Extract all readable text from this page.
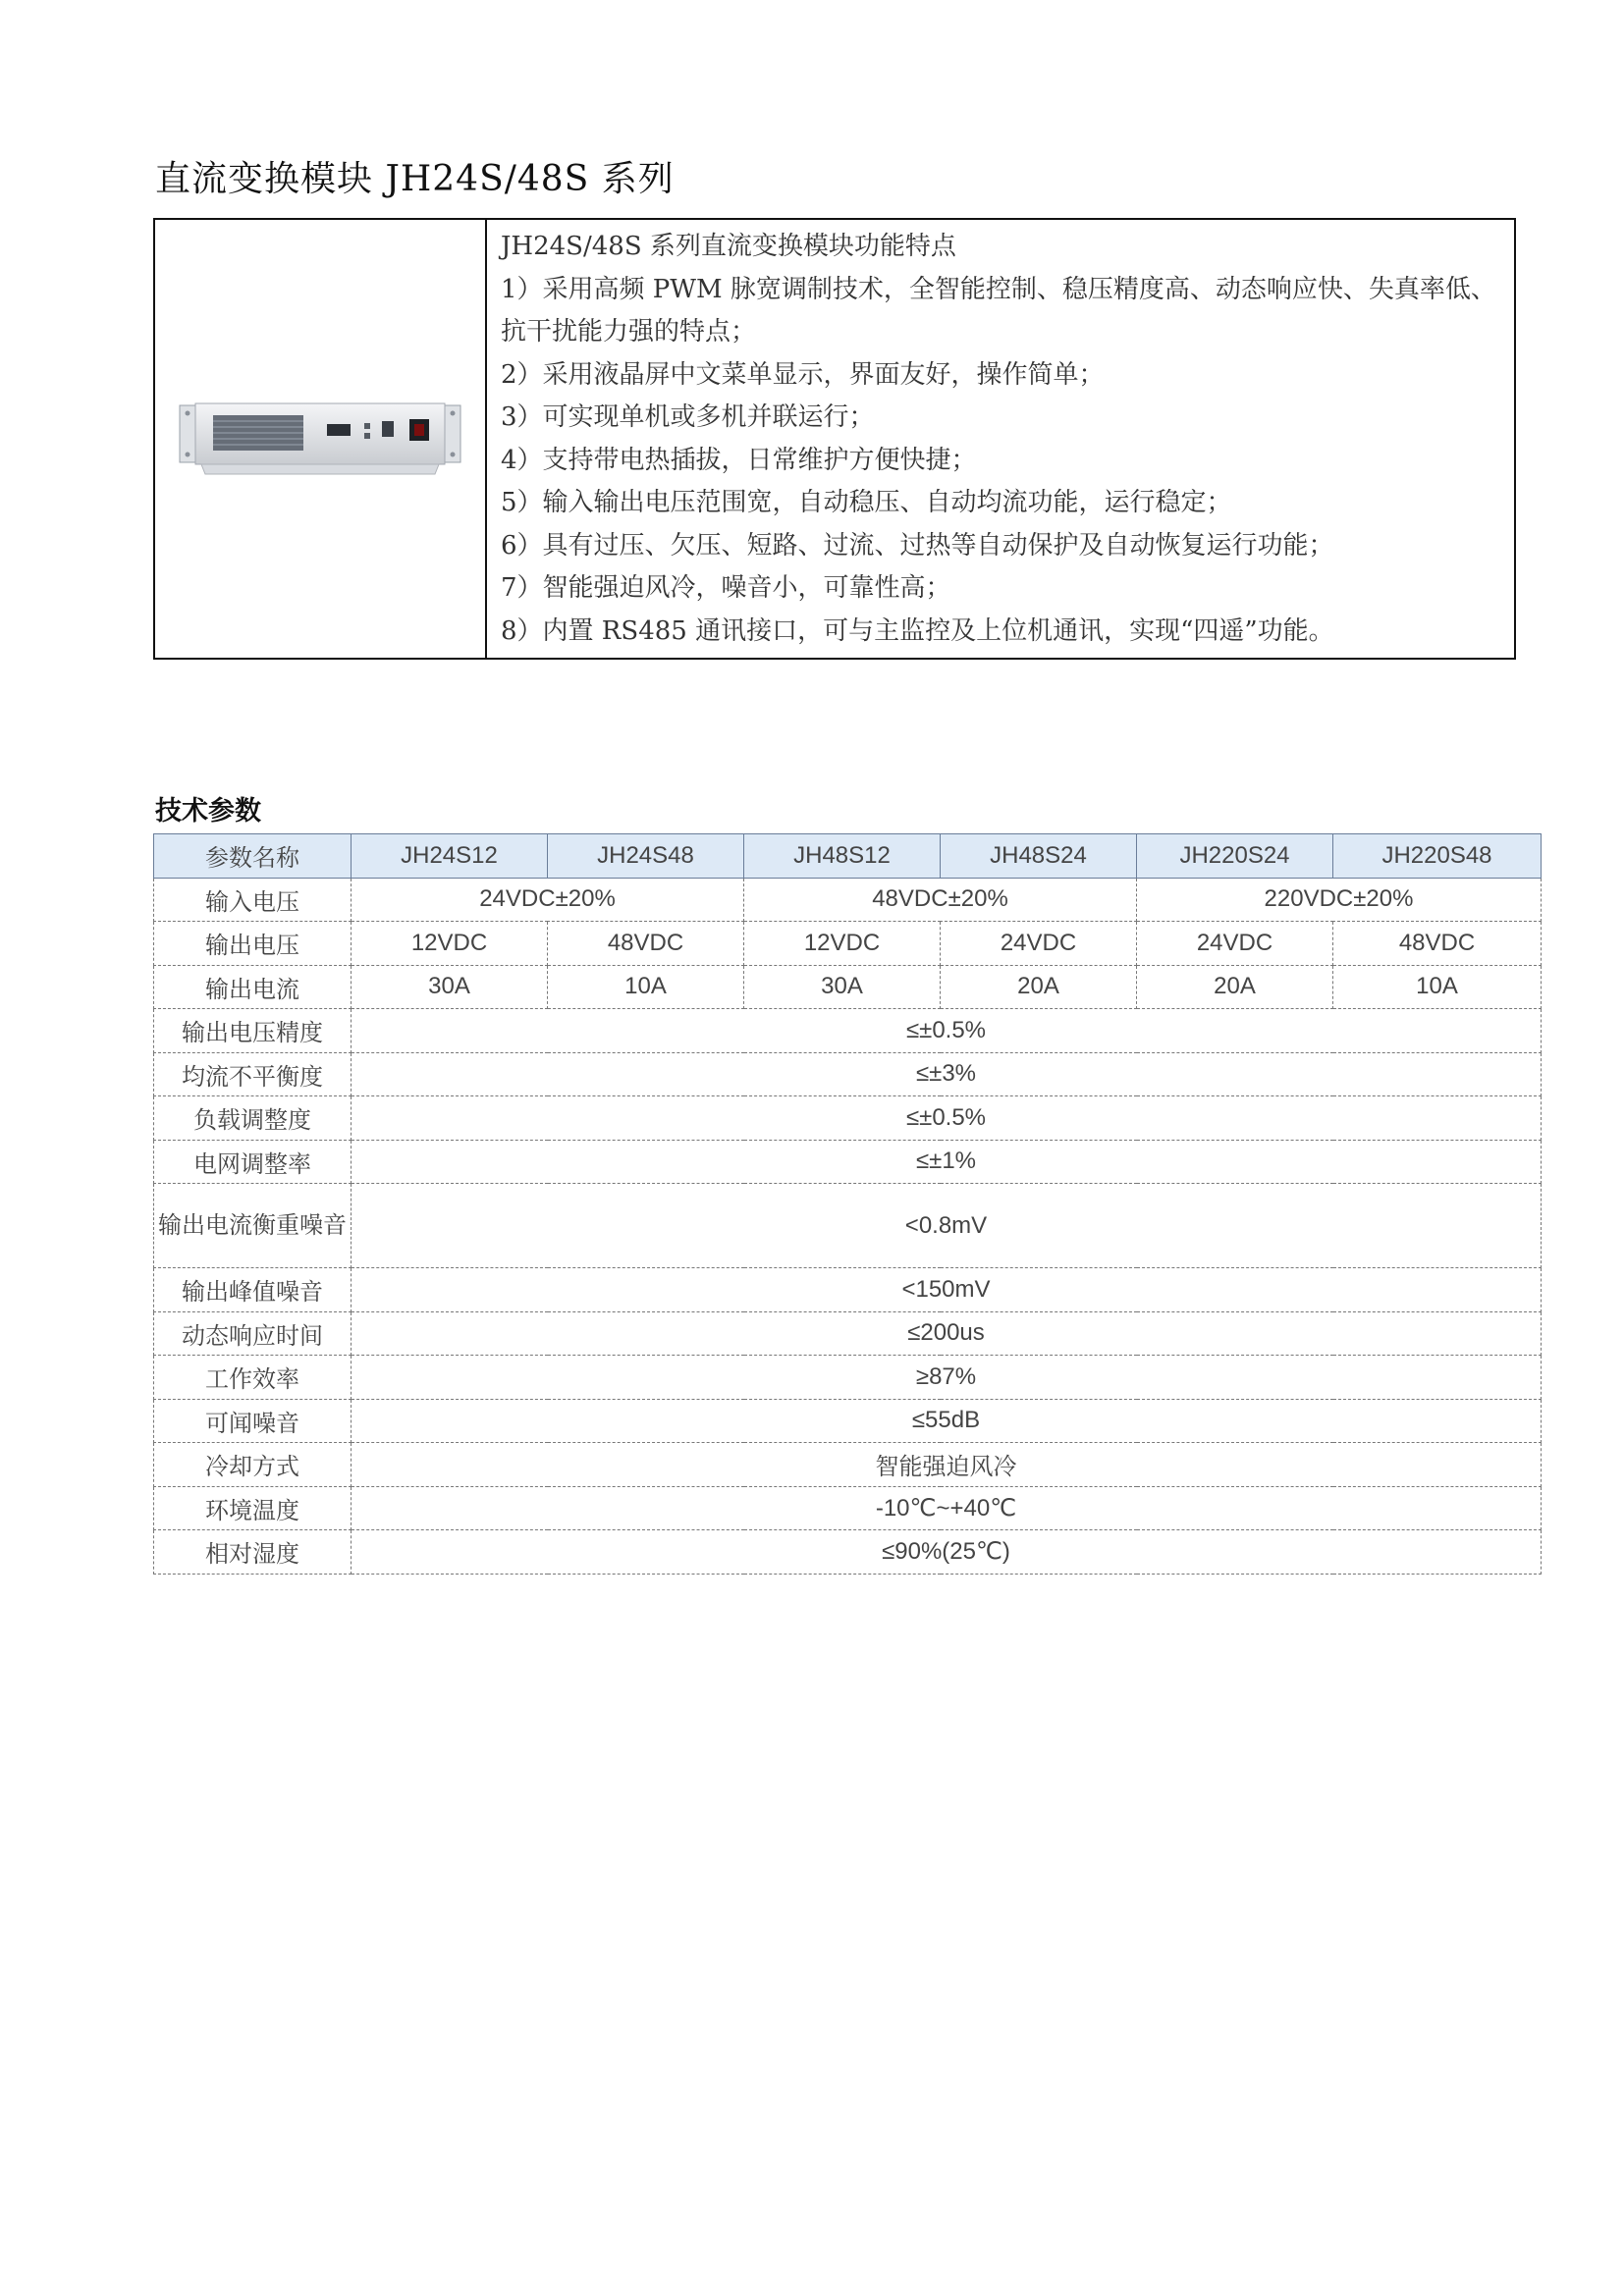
直流变换模块 JH24S/48S 系列
JH24S/48S 系列直流变换模块功能特点
1）采用高频 PWM 脉宽调制技术，全智能控制、稳压精度高、动态响应快、失真率低、抗干扰能力强的特点；
2）采用液晶屏中文菜单显示，界面友好，操作简单；
3）可实现单机或多机并联运行；
4）支持带电热插拔，日常维护方便快捷；
5）输入输出电压范围宽，自动稳压、自动均流功能，运行稳定；
6）具有过压、欠压、短路、过流、过热等自动保护及自动恢复运行功能；
7）智能强迫风冷，噪音小，可靠性高；
8）内置 RS485 通讯接口，可与主监控及上位机通讯，实现“四遥”功能。
技术参数
参数名称	JH24S12	JH24S48	JH48S12	JH48S24	JH220S24	JH220S48
输入电压	24VDC±20%		48VDC±20%		220VDC±20%	
输出电压	12VDC	48VDC	12VDC	24VDC	24VDC	48VDC
输出电流	30A	10A	30A	20A	20A	10A
输出电压精度	≤±0.5%					
均流不平衡度	≤±3%					
负载调整度	≤±0.5%					
电网调整率	≤±1%					
输出电流衡重噪音	<0.8mV					
输出峰值噪音	<150mV					
动态响应时间	≤200us					
工作效率	≥87%					
可闻噪音	≤55dB					
冷却方式	智能强迫风冷					
环境温度	-10℃~+40℃					
相对湿度	≤90%(25℃)					
